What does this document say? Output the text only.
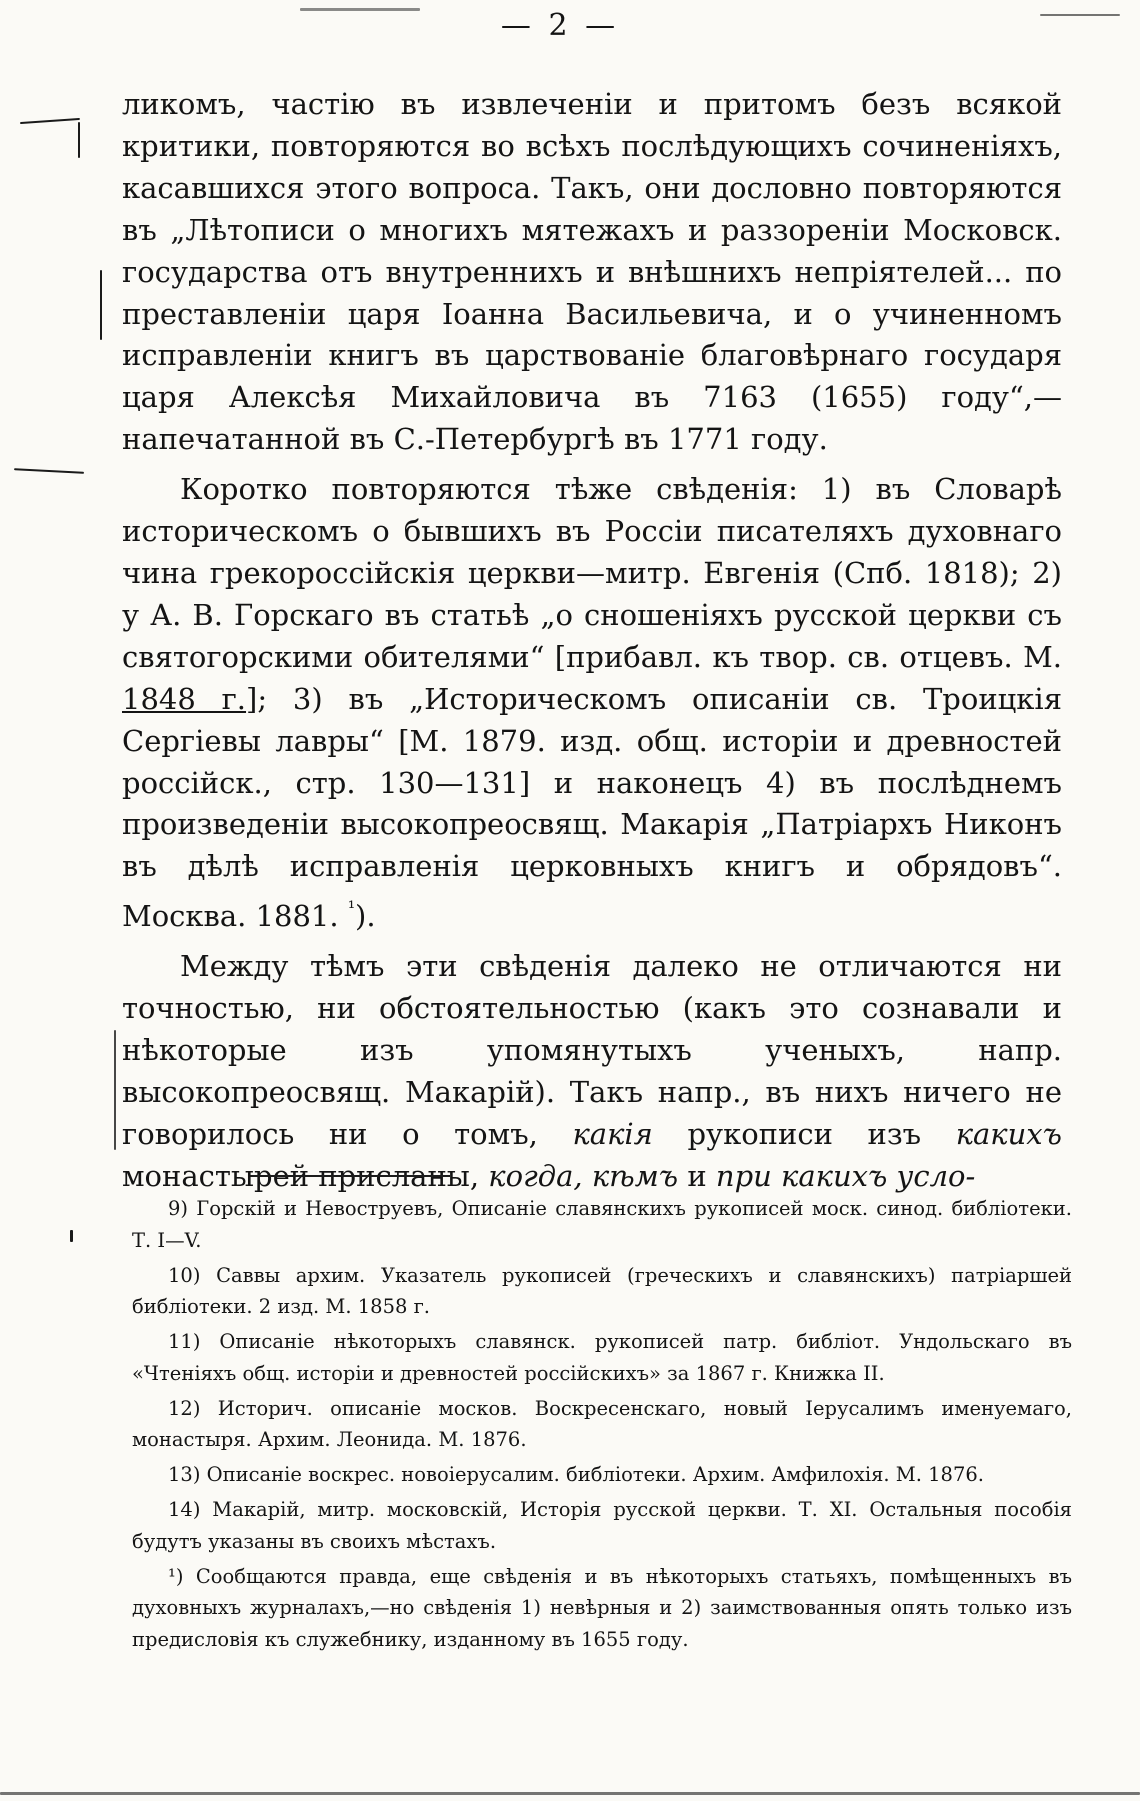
— 2 —

ликомъ, частію въ извлеченіи и притомъ безъ всякой критики, повторяются во всѣхъ послѣдующихъ сочиненіяхъ, касавшихся этого вопроса. Такъ, они дословно повторяются въ „Лѣтописи о многихъ мятежахъ и раззореніи Московск. государства отъ внутреннихъ и внѣшнихъ непріятелей... по преставленіи царя Іоанна Васильевича, и о учиненномъ исправленіи книгъ въ царствованіе благовѣрнаго государя царя Алексѣя Михайловича въ 7163 (1655) году“,—напечатанной въ С.-Петербургѣ въ 1771 году.

Коротко повторяются тѣже свѣденія: 1) въ Словарѣ историческомъ о бывшихъ въ Россіи писателяхъ духовнаго чина грекороссійскія церкви—митр. Евгенія (Спб. 1818); 2) у А. В. Горскаго въ статьѣ „о сношеніяхъ русской церкви съ святогорскими обителями“ [прибавл. къ твор. св. отцевъ. М. 1848 г.]; 3) въ „Историческомъ описаніи св. Троицкія Сергіевы лавры“ [М. 1879. изд. общ. исторіи и древностей россійск., стр. 130—131] и наконецъ 4) въ послѣднемъ произведеніи высокопреосвящ. Макарія „Патріархъ Никонъ въ дѣлѣ исправленія церковныхъ книгъ и обрядовъ“. Москва. 1881. $^{^1}$).

Между тѣмъ эти свѣденія далеко не отличаются ни точностью, ни обстоятельностью (какъ это сознавали и нѣкоторые изъ упомянутыхъ ученыхъ, напр. высокопреосвящ. Макарій). Такъ напр., въ нихъ ничего не говорилось ни о томъ, какія рукописи изъ какихъ монастырей присланы, когда, кѣмъ и при какихъ усло-

9) Горскій и Невоструевъ, Описаніе славянскихъ рукописей моск. синод. библіотеки. Т. I—V.

10) Саввы архим. Указатель рукописей (греческихъ и славянскихъ) патріаршей библіотеки. 2 изд. М. 1858 г.

11) Описаніе нѣкоторыхъ славянск. рукописей патр. библіот. Ундольскаго въ «Чтеніяхъ общ. исторіи и древностей россійскихъ» за 1867 г. Книжка II.

12) Историч. описаніе москов. Воскресенскаго, новый Іерусалимъ именуемаго, монастыря. Архим. Леонида. М. 1876.

13) Описаніе воскрес. новоіерусалим. библіотеки. Архим. Амфилохія. М. 1876.

14) Макарій, митр. московскій, Исторія русской церкви. Т. XI. Остальныя пособія будутъ указаны въ своихъ мѣстахъ.

¹) Сообщаются правда, еще свѣденія и въ нѣкоторыхъ статьяхъ, помѣщенныхъ въ духовныхъ журналахъ,—но свѣденія 1) невѣрныя и 2) заимствованныя опять только изъ предисловія къ служебнику, изданному въ 1655 году.
